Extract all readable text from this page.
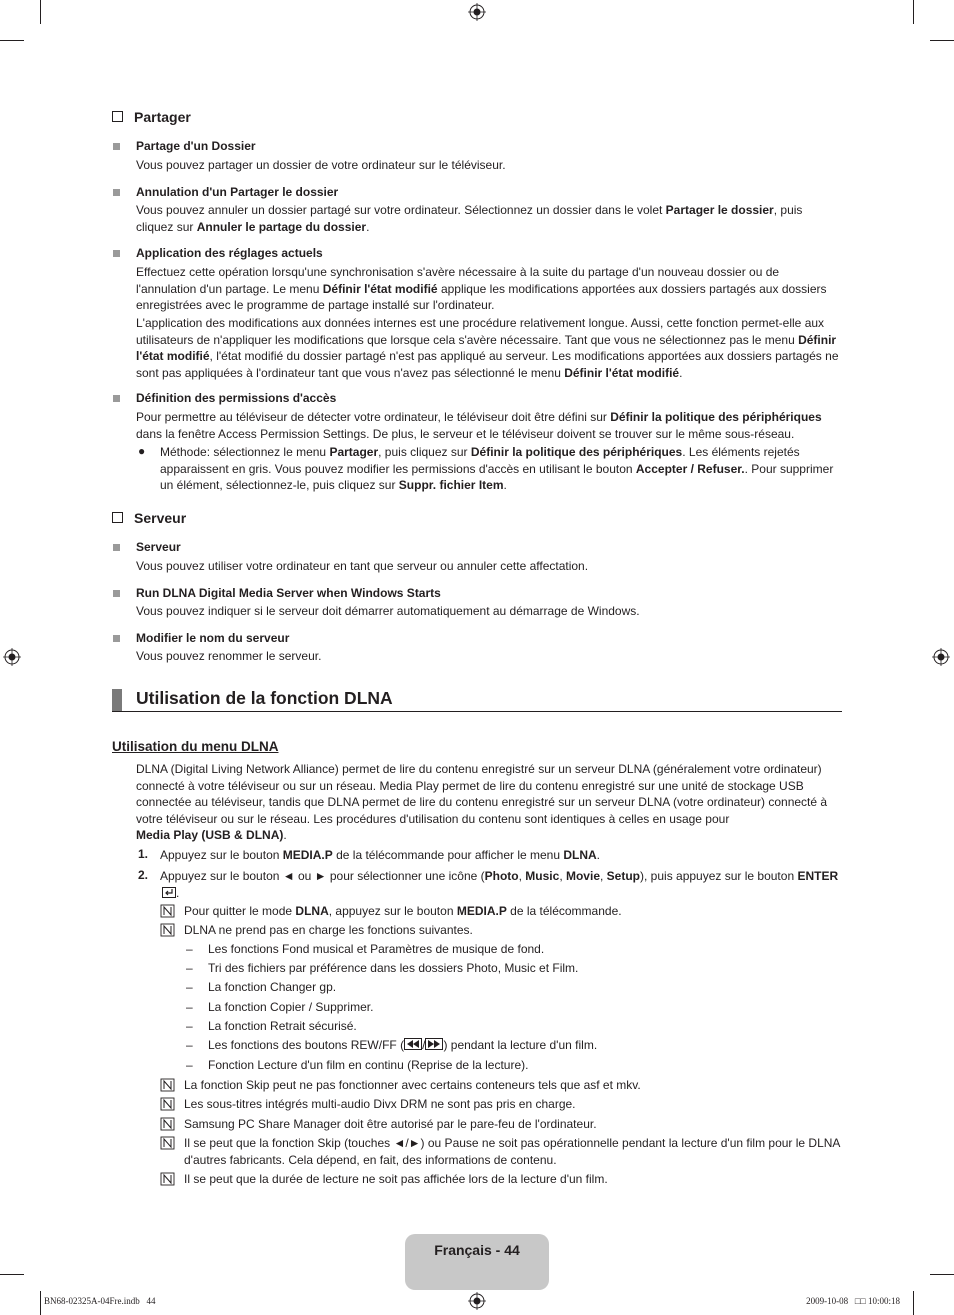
Partager
Partage d'un Dossier
Vous pouvez partager un dossier de votre ordinateur sur le téléviseur.
Annulation d'un Partager le dossier
Vous pouvez annuler un dossier partagé sur votre ordinateur. Sélectionnez un dossier dans le volet Partager le dossier, puis cliquez sur Annuler le partage du dossier.
Application des réglages actuels
Effectuez cette opération lorsqu'une synchronisation s'avère nécessaire à la suite du partage d'un nouveau dossier ou de l'annulation d'un partage. Le menu Définir l'état modifié applique les modifications apportées aux dossiers partagés aux dossiers enregistrées avec le programme de partage installé sur l'ordinateur.
L'application des modifications aux données internes est une procédure relativement longue. Aussi, cette fonction permet-elle aux utilisateurs de n'appliquer les modifications que lorsque cela s'avère nécessaire. Tant que vous ne sélectionnez pas le menu Définir l'état modifié, l'état modifié du dossier partagé n'est pas appliqué au serveur. Les modifications apportées aux dossiers partagés ne sont pas appliquées à l'ordinateur tant que vous n'avez pas sélectionné le menu Définir l'état modifié.
Définition des permissions d'accès
Pour permettre au téléviseur de détecter votre ordinateur, le téléviseur doit être défini sur Définir la politique des périphériques dans la fenêtre Access Permission Settings. De plus, le serveur et le téléviseur doivent se trouver sur le même sous-réseau.
● Méthode: sélectionnez le menu Partager, puis cliquez sur Définir la politique des périphériques. Les éléments rejetés apparaissent en gris. Vous pouvez modifier les permissions d'accès en utilisant le bouton Accepter / Refuser.. Pour supprimer un élément, sélectionnez-le, puis cliquez sur Suppr. fichier Item.
Serveur
Serveur
Vous pouvez utiliser votre ordinateur en tant que serveur ou annuler cette affectation.
Run DLNA Digital Media Server when Windows Starts
Vous pouvez indiquer si le serveur doit démarrer automatiquement au démarrage de Windows.
Modifier le nom du serveur
Vous pouvez renommer le serveur.
Utilisation de la fonction DLNA
Utilisation du menu DLNA
DLNA (Digital Living Network Alliance) permet de lire du contenu enregistré sur un serveur DLNA (généralement votre ordinateur) connecté à votre téléviseur ou sur un réseau. Media Play permet de lire du contenu enregistré sur une unité de stockage USB connectée au téléviseur, tandis que DLNA permet de lire du contenu enregistré sur un serveur DLNA (votre ordinateur) connecté à votre téléviseur ou sur le réseau. Les procédures d'utilisation du contenu sont identiques à celles en usage pour
Media Play (USB & DLNA).
1. Appuyez sur le bouton MEDIA.P de la télécommande pour afficher le menu DLNA.
2. Appuyez sur le bouton ◄ ou ► pour sélectionner une icône (Photo, Music, Movie, Setup), puis appuyez sur le bouton ENTER.
Pour quitter le mode DLNA, appuyez sur le bouton MEDIA.P de la télécommande.
DLNA ne prend pas en charge les fonctions suivantes.
– Les fonctions Fond musical et Paramètres de musique de fond.
– Tri des fichiers par préférence dans les dossiers Photo, Music et Film.
– La fonction Changer gp.
– La fonction Copier / Supprimer.
– La fonction Retrait sécurisé.
– Les fonctions des boutons REW/FF ( / ) pendant la lecture d'un film.
– Fonction Lecture d'un film en continu (Reprise de la lecture).
La fonction Skip peut ne pas fonctionner avec certains conteneurs tels que asf et mkv.
Les sous-titres intégrés multi-audio Divx DRM ne sont pas pris en charge.
Samsung PC Share Manager doit être autorisé par le pare-feu de l'ordinateur.
Il se peut que la fonction Skip (touches ◄/►) ou Pause ne soit pas opérationnelle pendant la lecture d'un film pour le DLNA d'autres fabricants. Cela dépend, en fait, des informations de contenu.
Il se peut que la durée de lecture ne soit pas affichée lors de la lecture d'un film.
Français - 44
BN68-02325A-04Fre.indb   44	2009-10-08   □□ 10:00:18
